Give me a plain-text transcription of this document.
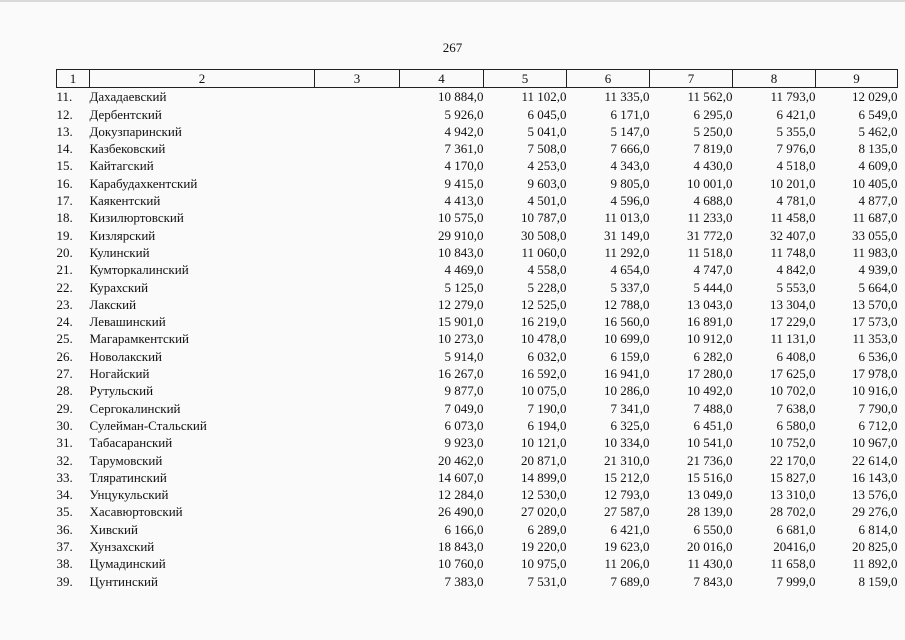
267
1	2	3	4	5	6	7	8	9
11.	Дахадаевский		10 884,0	11 102,0	11 335,0	11 562,0	11 793,0	12 029,0
12.	Дербентский		5 926,0	6 045,0	6 171,0	6 295,0	6 421,0	6 549,0
13.	Докузпаринский		4 942,0	5 041,0	5 147,0	5 250,0	5 355,0	5 462,0
14.	Казбековский		7 361,0	7 508,0	7 666,0	7 819,0	7 976,0	8 135,0
15.	Кайтагский		4 170,0	4 253,0	4 343,0	4 430,0	4 518,0	4 609,0
16.	Карабудахкентский		9 415,0	9 603,0	9 805,0	10 001,0	10 201,0	10 405,0
17.	Каякентский		4 413,0	4 501,0	4 596,0	4 688,0	4 781,0	4 877,0
18.	Кизилюртовский		10 575,0	10 787,0	11 013,0	11 233,0	11 458,0	11 687,0
19.	Кизлярский		29 910,0	30 508,0	31 149,0	31 772,0	32 407,0	33 055,0
20.	Кулинский		10 843,0	11 060,0	11 292,0	11 518,0	11 748,0	11 983,0
21.	Кумторкалинский		4 469,0	4 558,0	4 654,0	4 747,0	4 842,0	4 939,0
22.	Курахский		5 125,0	5 228,0	5 337,0	5 444,0	5 553,0	5 664,0
23.	Лакский		12 279,0	12 525,0	12 788,0	13 043,0	13 304,0	13 570,0
24.	Левашинский		15 901,0	16 219,0	16 560,0	16 891,0	17 229,0	17 573,0
25.	Магарамкентский		10 273,0	10 478,0	10 699,0	10 912,0	11 131,0	11 353,0
26.	Новолакский		5 914,0	6 032,0	6 159,0	6 282,0	6 408,0	6 536,0
27.	Ногайский		16 267,0	16 592,0	16 941,0	17 280,0	17 625,0	17 978,0
28.	Рутульский		9 877,0	10 075,0	10 286,0	10 492,0	10 702,0	10 916,0
29.	Сергокалинский		7 049,0	7 190,0	7 341,0	7 488,0	7 638,0	7 790,0
30.	Сулейман-Стальский		6 073,0	6 194,0	6 325,0	6 451,0	6 580,0	6 712,0
31.	Табасаранский		9 923,0	10 121,0	10 334,0	10 541,0	10 752,0	10 967,0
32.	Тарумовский		20 462,0	20 871,0	21 310,0	21 736,0	22 170,0	22 614,0
33.	Тляратинский		14 607,0	14 899,0	15 212,0	15 516,0	15 827,0	16 143,0
34.	Унцукульский		12 284,0	12 530,0	12 793,0	13 049,0	13 310,0	13 576,0
35.	Хасавюртовский		26 490,0	27 020,0	27 587,0	28 139,0	28 702,0	29 276,0
36.	Хивский		6 166,0	6 289,0	6 421,0	6 550,0	6 681,0	6 814,0
37.	Хунзахский		18 843,0	19 220,0	19 623,0	20 016,0	20416,0	20 825,0
38.	Цумадинский		10 760,0	10 975,0	11 206,0	11 430,0	11 658,0	11 892,0
39.	Цунтинский		7 383,0	7 531,0	7 689,0	7 843,0	7 999,0	8 159,0
